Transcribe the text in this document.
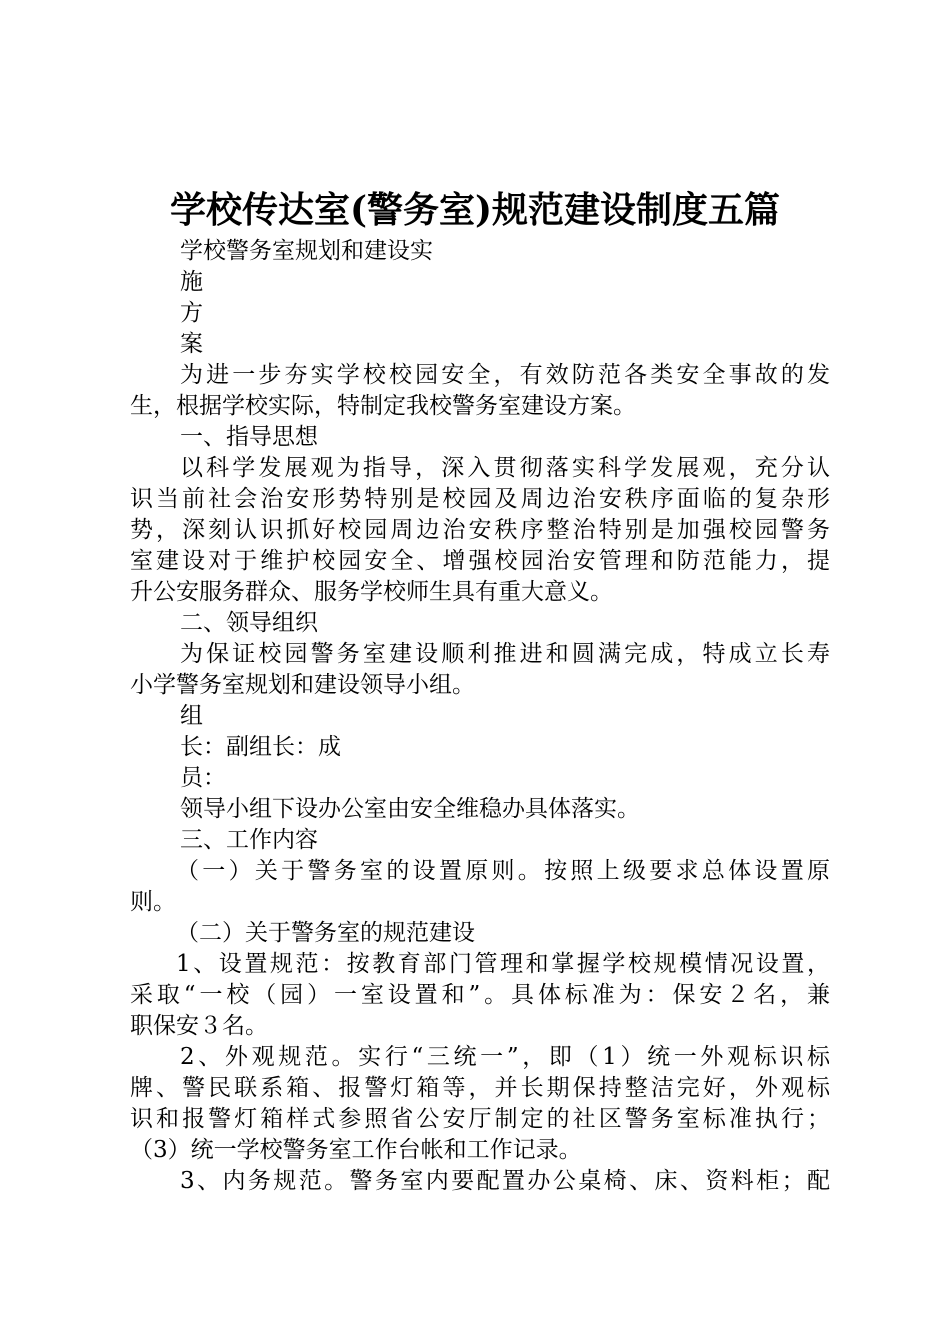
学校传达室(警务室)规范建设制度五篇
学校警务室规划和建设实
施
方
案
为进一步夯实学校校园安全，有效防范各类安全事故的发
生，根据学校实际，特制定我校警务室建设方案。
一、指导思想
以科学发展观为指导，深入贯彻落实科学发展观，充分认
识当前社会治安形势特别是校园及周边治安秩序面临的复杂形
势，深刻认识抓好校园周边治安秩序整治特别是加强校园警务
室建设对于维护校园安全、增强校园治安管理和防范能力，提
升公安服务群众、服务学校师生具有重大意义。
二、领导组织
为保证校园警务室建设顺利推进和圆满完成，特成立长寿
小学警务室规划和建设领导小组。
组
长：副组长：成
员：
领导小组下设办公室由安全维稳办具体落实。
三、工作内容
（一）关于警务室的设置原则。按照上级要求总体设置原
则。
（二）关于警务室的规范建设
1、设置规范：按教育部门管理和掌握学校规模情况设置，
采取“一校（园）一室设置和”。具体标准为：保安２名，兼
职保安３名。
2、外观规范。实行“三统一”，即（1）统一外观标识标
牌、警民联系箱、报警灯箱等，并长期保持整洁完好，外观标
识和报警灯箱样式参照省公安厅制定的社区警务室标准执行；
（3）统一学校警务室工作台帐和工作记录。
3、内务规范。警务室内要配置办公桌椅、床、资料柜；配
